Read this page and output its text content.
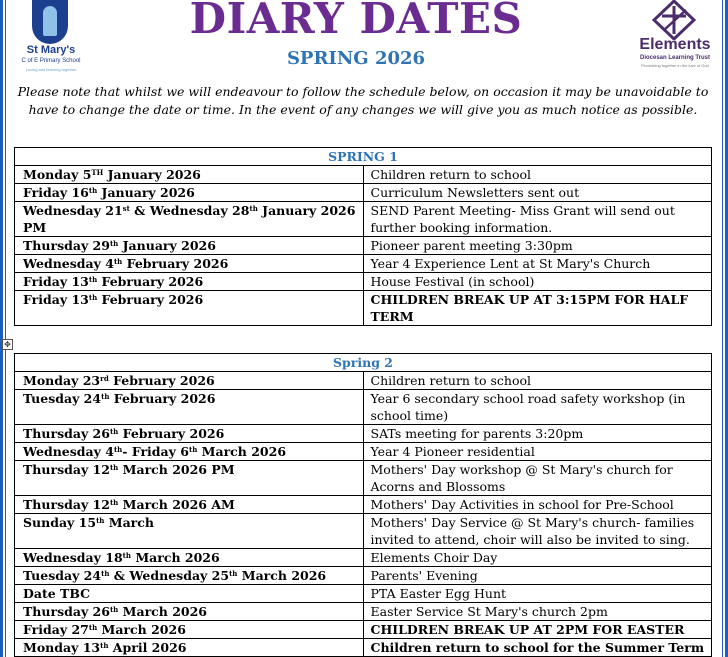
St Mary's
C of E Primary School
Loving and learning together
DIARY DATES
SPRING 2026
Elements
Diocesan Learning Trust
Flourishing together in the love of God
Please note that whilst we will endeavour to follow the schedule below, on occasion it may be unavoidable to have to change the date or time. In the event of any changes we will give you as much notice as possible.
✥
SPRING 1	
Monday 5TH January 2026	Children return to school
Friday 16th January 2026	Curriculum Newsletters sent out
Wednesday 21st & Wednesday 28th January 2026 PM	SEND Parent Meeting- Miss Grant will send out further booking information.
Thursday 29th January 2026	Pioneer parent meeting 3:30pm
Wednesday 4th February 2026	Year 4 Experience Lent at St Mary's Church
Friday 13th February 2026	House Festival (in school)
Friday 13th February 2026	CHILDREN BREAK UP AT 3:15PM FOR HALF TERM
Spring 2	
Monday 23rd February 2026	Children return to school
Tuesday 24th February 2026	Year 6 secondary school road safety workshop (in school time)
Thursday 26th February 2026	SATs meeting for parents 3:20pm
Wednesday 4th- Friday 6th March 2026	Year 4 Pioneer residential
Thursday 12th March 2026 PM	Mothers' Day workshop @ St Mary's church for Acorns and Blossoms
Thursday 12th March 2026 AM	Mothers' Day Activities in school for Pre-School
Sunday 15th March	Mothers' Day Service @ St Mary's church- families invited to attend, choir will also be invited to sing.
Wednesday 18th March 2026	Elements Choir Day
Tuesday 24th & Wednesday 25th March 2026	Parents' Evening
Date TBC	PTA Easter Egg Hunt
Thursday 26th March 2026	Easter Service St Mary's church 2pm
Friday 27th March 2026	CHILDREN BREAK UP AT 2PM FOR EASTER
Monday 13th April 2026	Children return to school for the Summer Term
